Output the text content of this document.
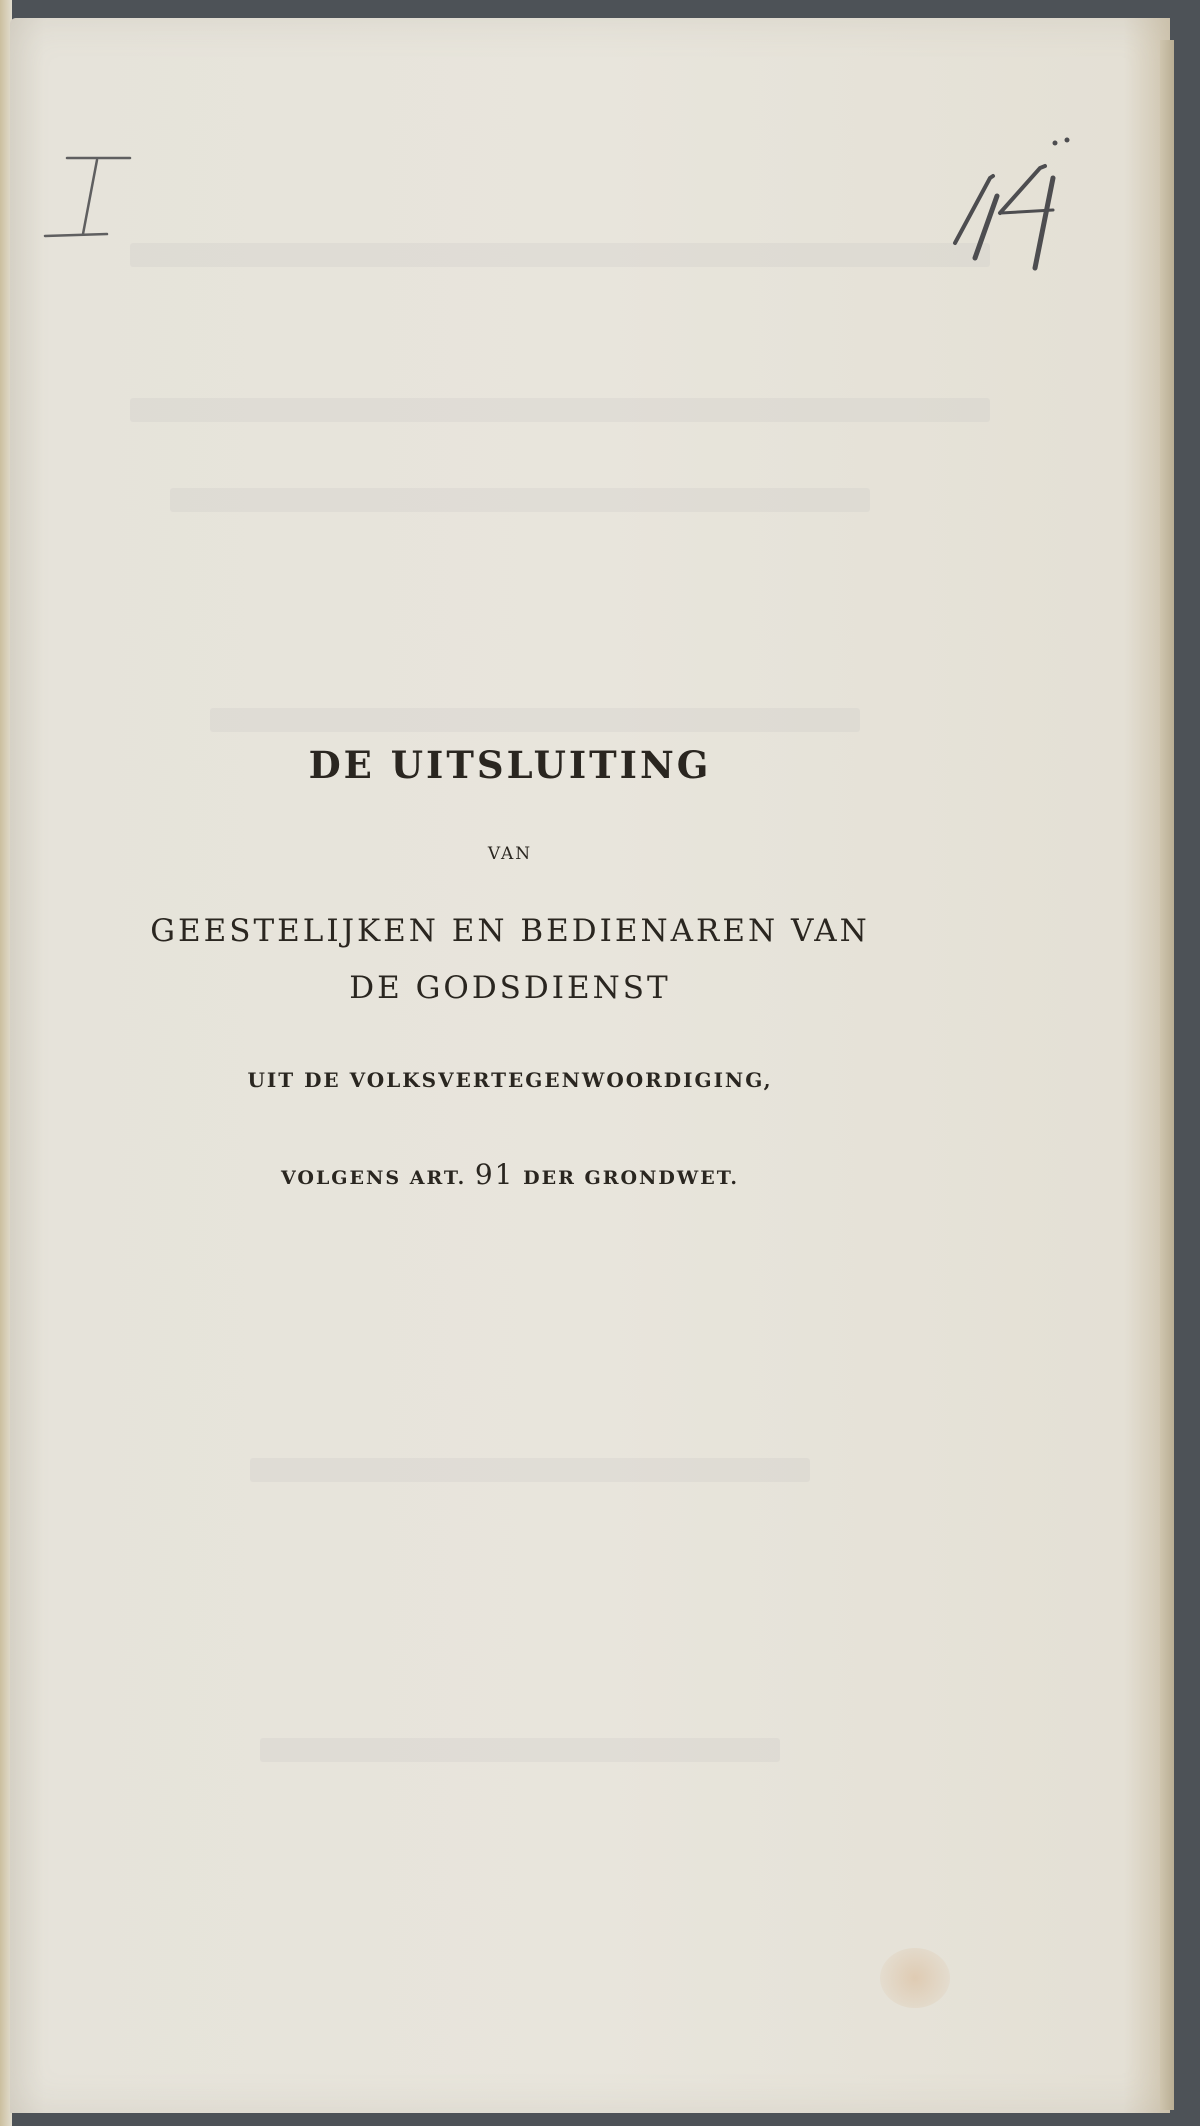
DE UITSLUITING
VAN
GEESTELIJKEN EN BEDIENAREN VAN
DE GODSDIENST
UIT DE VOLKSVERTEGENWOORDIGING,
VOLGENS ART. 91 DER GRONDWET.
